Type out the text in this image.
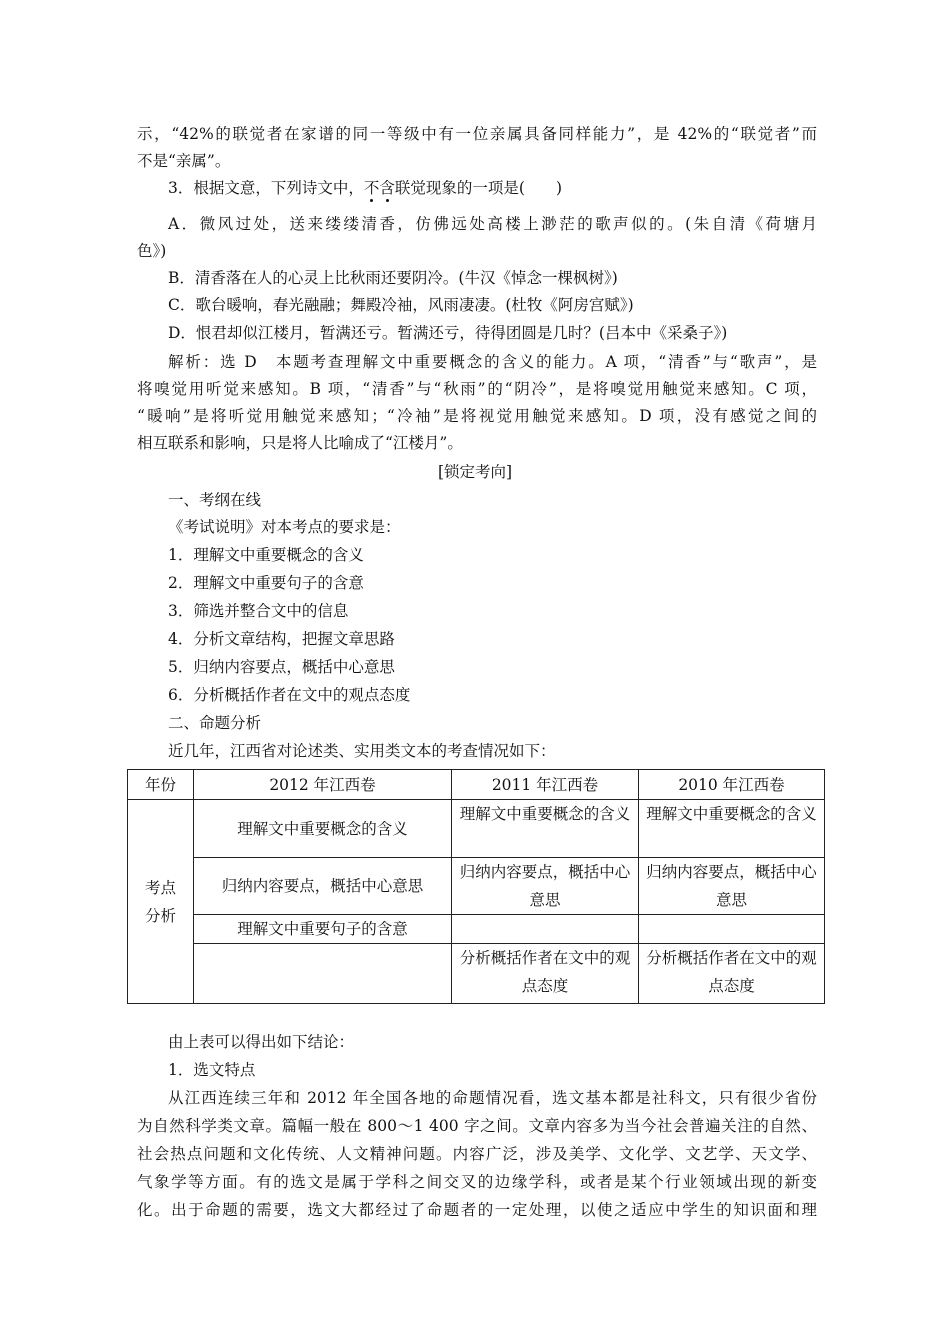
示，“42%的联觉者在家谱的同一等级中有一位亲属具备同样能力”，是 42%的“联觉者”而
不是“亲属”。
3．根据文意，下列诗文中，不含联觉现象的一项是(　　)
A．微风过处，送来缕缕清香，仿佛远处高楼上渺茫的歌声似的。(朱自清《荷塘月
色》)
B．清香落在人的心灵上比秋雨还要阴冷。(牛汉《悼念一棵枫树》)
C．歌台暖响，春光融融；舞殿冷袖，风雨凄凄。(杜牧《阿房宫赋》)
D．恨君却似江楼月，暂满还亏。暂满还亏，待得团圆是几时？(吕本中《采桑子》)
解析：选 D　本题考查理解文中重要概念的含义的能力。A 项，“清香”与“歌声”，是
将嗅觉用听觉来感知。B 项，“清香”与“秋雨”的“阴冷”，是将嗅觉用触觉来感知。C 项，
“暖响”是将听觉用触觉来感知；“冷袖”是将视觉用触觉来感知。D 项，没有感觉之间的
相互联系和影响，只是将人比喻成了“江楼月”。
[锁定考向]
一、考纲在线
《考试说明》对本考点的要求是：
1．理解文中重要概念的含义
2．理解文中重要句子的含意
3．筛选并整合文中的信息
4．分析文章结构，把握文章思路
5．归纳内容要点，概括中心意思
6．分析概括作者在文中的观点态度
二、命题分析
近几年，江西省对论述类、实用类文本的考查情况如下：
年份	2012 年江西卷	2011 年江西卷	2010 年江西卷
考点分析	理解文中重要概念的含义	理解文中重要概念的含义	理解文中重要概念的含义
	归纳内容要点，概括中心意思	归纳内容要点，概括中心意思	归纳内容要点，概括中心意思
	理解文中重要句子的含意		
		分析概括作者在文中的观点态度	分析概括作者在文中的观点态度
由上表可以得出如下结论：
1．选文特点
从江西连续三年和 2012 年全国各地的命题情况看，选文基本都是社科文，只有很少省份
为自然科学类文章。篇幅一般在 800～1 400 字之间。文章内容多为当今社会普遍关注的自然、
社会热点问题和文化传统、人文精神问题。内容广泛，涉及美学、文化学、文艺学、天文学、
气象学等方面。有的选文是属于学科之间交叉的边缘学科，或者是某个行业领域出现的新变
化。出于命题的需要，选文大都经过了命题者的一定处理，以使之适应中学生的知识面和理
